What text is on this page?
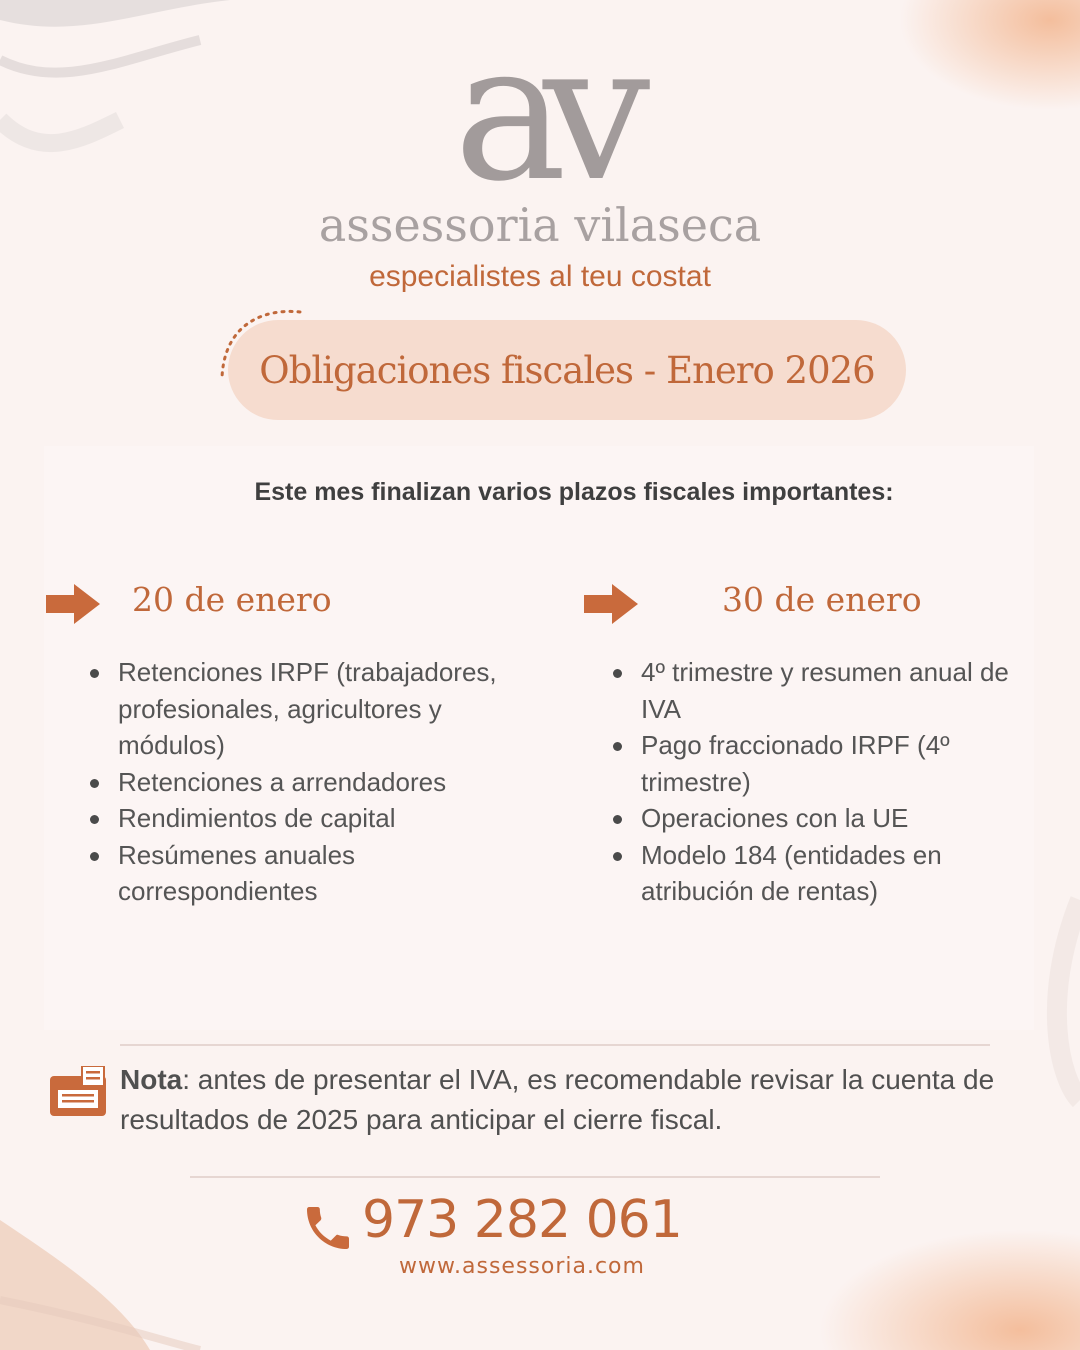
av
assessoria vilaseca
especialistes al teu costat
Obligaciones fiscales - Enero 2026
Este mes finalizan varios plazos fiscales importantes:
20 de enero
Retenciones IRPF (trabajadores, profesionales, agricultores y módulos)
Retenciones a arrendadores
Rendimientos de capital
Resúmenes anuales correspondientes
30 de enero
4º trimestre y resumen anual de IVA
Pago fraccionado IRPF (4º trimestre)
Operaciones con la UE
Modelo 184 (entidades en atribución de rentas)
Nota: antes de presentar el IVA, es recomendable revisar la cuenta de resultados de 2025 para anticipar el cierre fiscal.
973 282 061
www.assessoria.com
